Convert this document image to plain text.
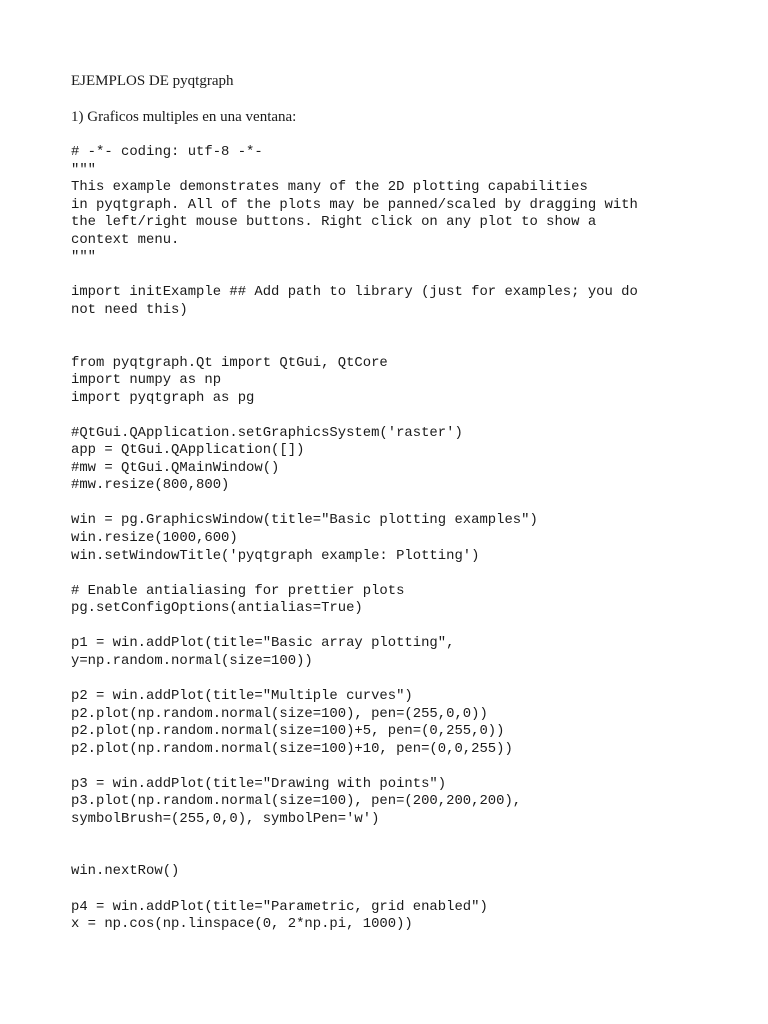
EJEMPLOS DE pyqtgraph

1) Graficos multiples en una ventana:

# -*- coding: utf-8 -*-
"""
This example demonstrates many of the 2D plotting capabilities
in pyqtgraph. All of the plots may be panned/scaled by dragging with
the left/right mouse buttons. Right click on any plot to show a
context menu.
"""
import initExample ## Add path to library (just for examples; you do
not need this)
from pyqtgraph.Qt import QtGui, QtCore
import numpy as np
import pyqtgraph as pg
#QtGui.QApplication.setGraphicsSystem('raster')
app = QtGui.QApplication([])
#mw = QtGui.QMainWindow()
#mw.resize(800,800)
win = pg.GraphicsWindow(title="Basic plotting examples")
win.resize(1000,600)
win.setWindowTitle('pyqtgraph example: Plotting')
# Enable antialiasing for prettier plots
pg.setConfigOptions(antialias=True)
p1 = win.addPlot(title="Basic array plotting",
y=np.random.normal(size=100))
p2 = win.addPlot(title="Multiple curves")
p2.plot(np.random.normal(size=100), pen=(255,0,0))
p2.plot(np.random.normal(size=100)+5, pen=(0,255,0))
p2.plot(np.random.normal(size=100)+10, pen=(0,0,255))
p3 = win.addPlot(title="Drawing with points")
p3.plot(np.random.normal(size=100), pen=(200,200,200),
symbolBrush=(255,0,0), symbolPen='w')
win.nextRow()
p4 = win.addPlot(title="Parametric, grid enabled")
x = np.cos(np.linspace(0, 2*np.pi, 1000))
